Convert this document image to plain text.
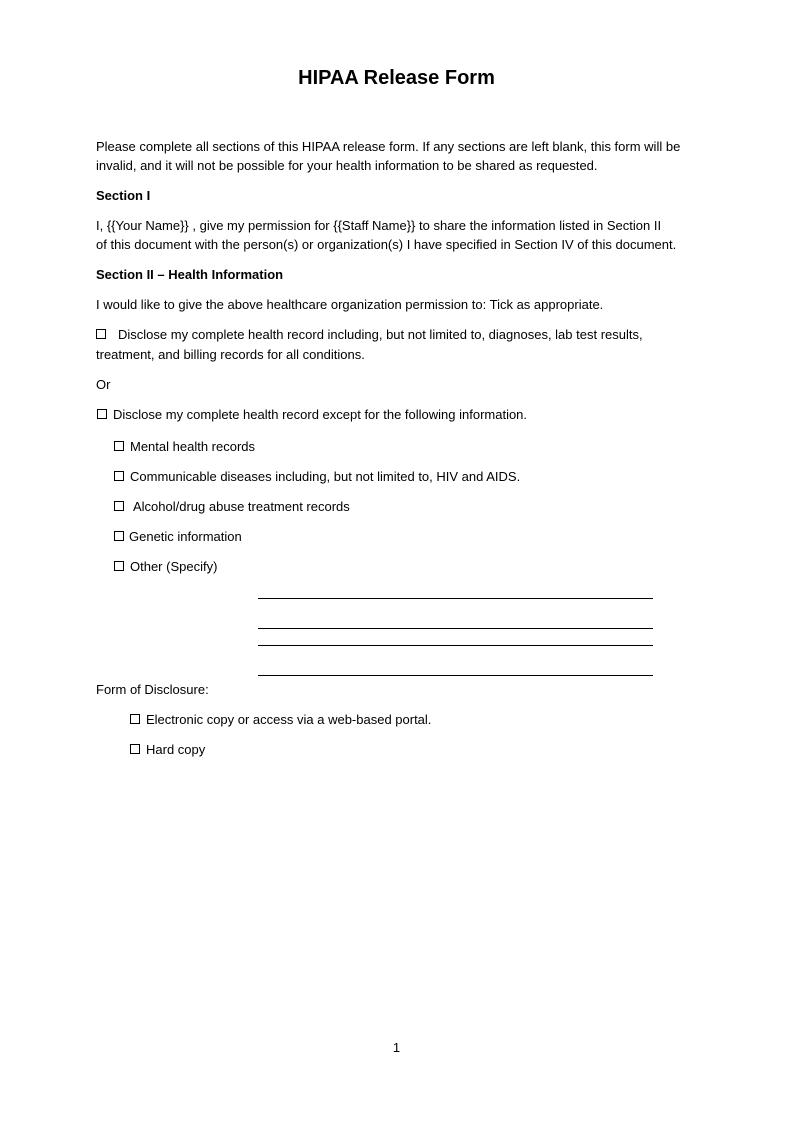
HIPAA Release Form
Please complete all sections of this HIPAA release form. If any sections are left blank, this form will be
invalid, and it will not be possible for your health information to be shared as requested.
Section I
I, {{Your Name}} , give my permission for {{Staff Name}} to share the information listed in Section II
of this document with the person(s) or organization(s) I have specified in Section IV of this document.
Section II – Health Information
I would like to give the above healthcare organization permission to: Tick as appropriate.
Disclose my complete health record including, but not limited to, diagnoses, lab test results,
treatment, and billing records for all conditions.
Or
Disclose my complete health record except for the following information.
Mental health records
Communicable diseases including, but not limited to, HIV and AIDS.
Alcohol/drug abuse treatment records
Genetic information
Other (Specify)
Form of Disclosure:
Electronic copy or access via a web-based portal.
Hard copy
1
